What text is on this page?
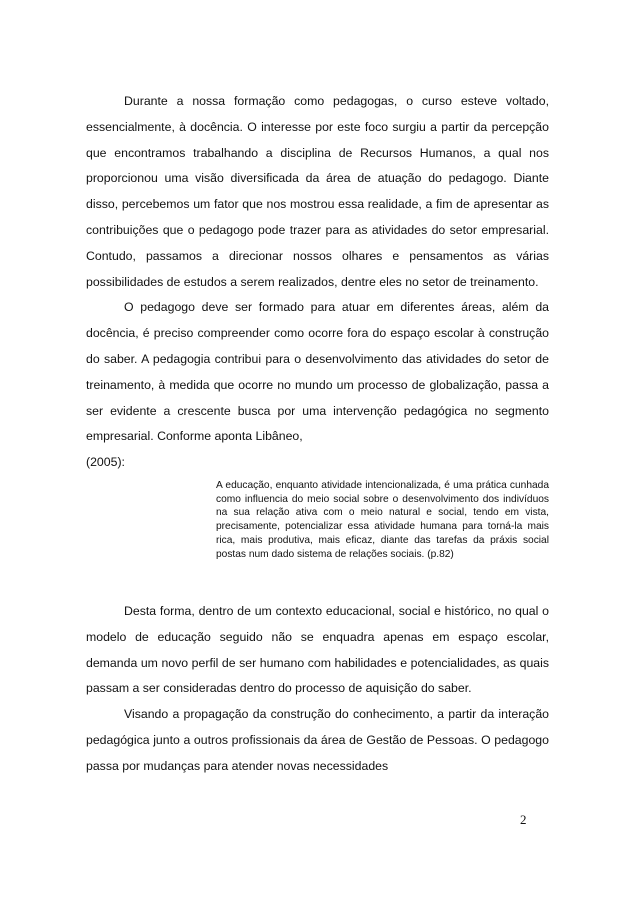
Durante a nossa formação como pedagogas, o curso esteve voltado, essencialmente, à docência. O interesse por este foco surgiu a partir da percepção que encontramos trabalhando a disciplina de Recursos Humanos, a qual nos proporcionou uma visão diversificada da área de atuação do pedagogo. Diante disso, percebemos um fator que nos mostrou essa realidade, a fim de apresentar as contribuições que o pedagogo pode trazer para as atividades do setor empresarial. Contudo, passamos a direcionar nossos olhares e pensamentos as várias possibilidades de estudos a serem realizados, dentre eles no setor de treinamento.

O pedagogo deve ser formado para atuar em diferentes áreas, além da docência, é preciso compreender como ocorre fora do espaço escolar à construção do saber. A pedagogia contribui para o desenvolvimento das atividades do setor de treinamento, à medida que ocorre no mundo um processo de globalização, passa a ser evidente a crescente busca por uma intervenção pedagógica no segmento empresarial. Conforme aponta Libâneo,

(2005):

A educação, enquanto atividade intencionalizada, é uma prática cunhada como influencia do meio social sobre o desenvolvimento dos indivíduos na sua relação ativa com o meio natural e social, tendo em vista, precisamente, potencializar essa atividade humana para torná-la mais rica, mais produtiva, mais eficaz, diante das tarefas da práxis social postas num dado sistema de relações sociais. (p.82)

Desta forma, dentro de um contexto educacional, social e histórico, no qual o modelo de educação seguido não se enquadra apenas em espaço escolar, demanda um novo perfil de ser humano com habilidades e potencialidades, as quais passam a ser consideradas dentro do processo de aquisição do saber.

Visando a propagação da construção do conhecimento, a partir da interação pedagógica junto a outros profissionais da área de Gestão de Pessoas. O pedagogo passa por mudanças para atender novas necessidades

2
